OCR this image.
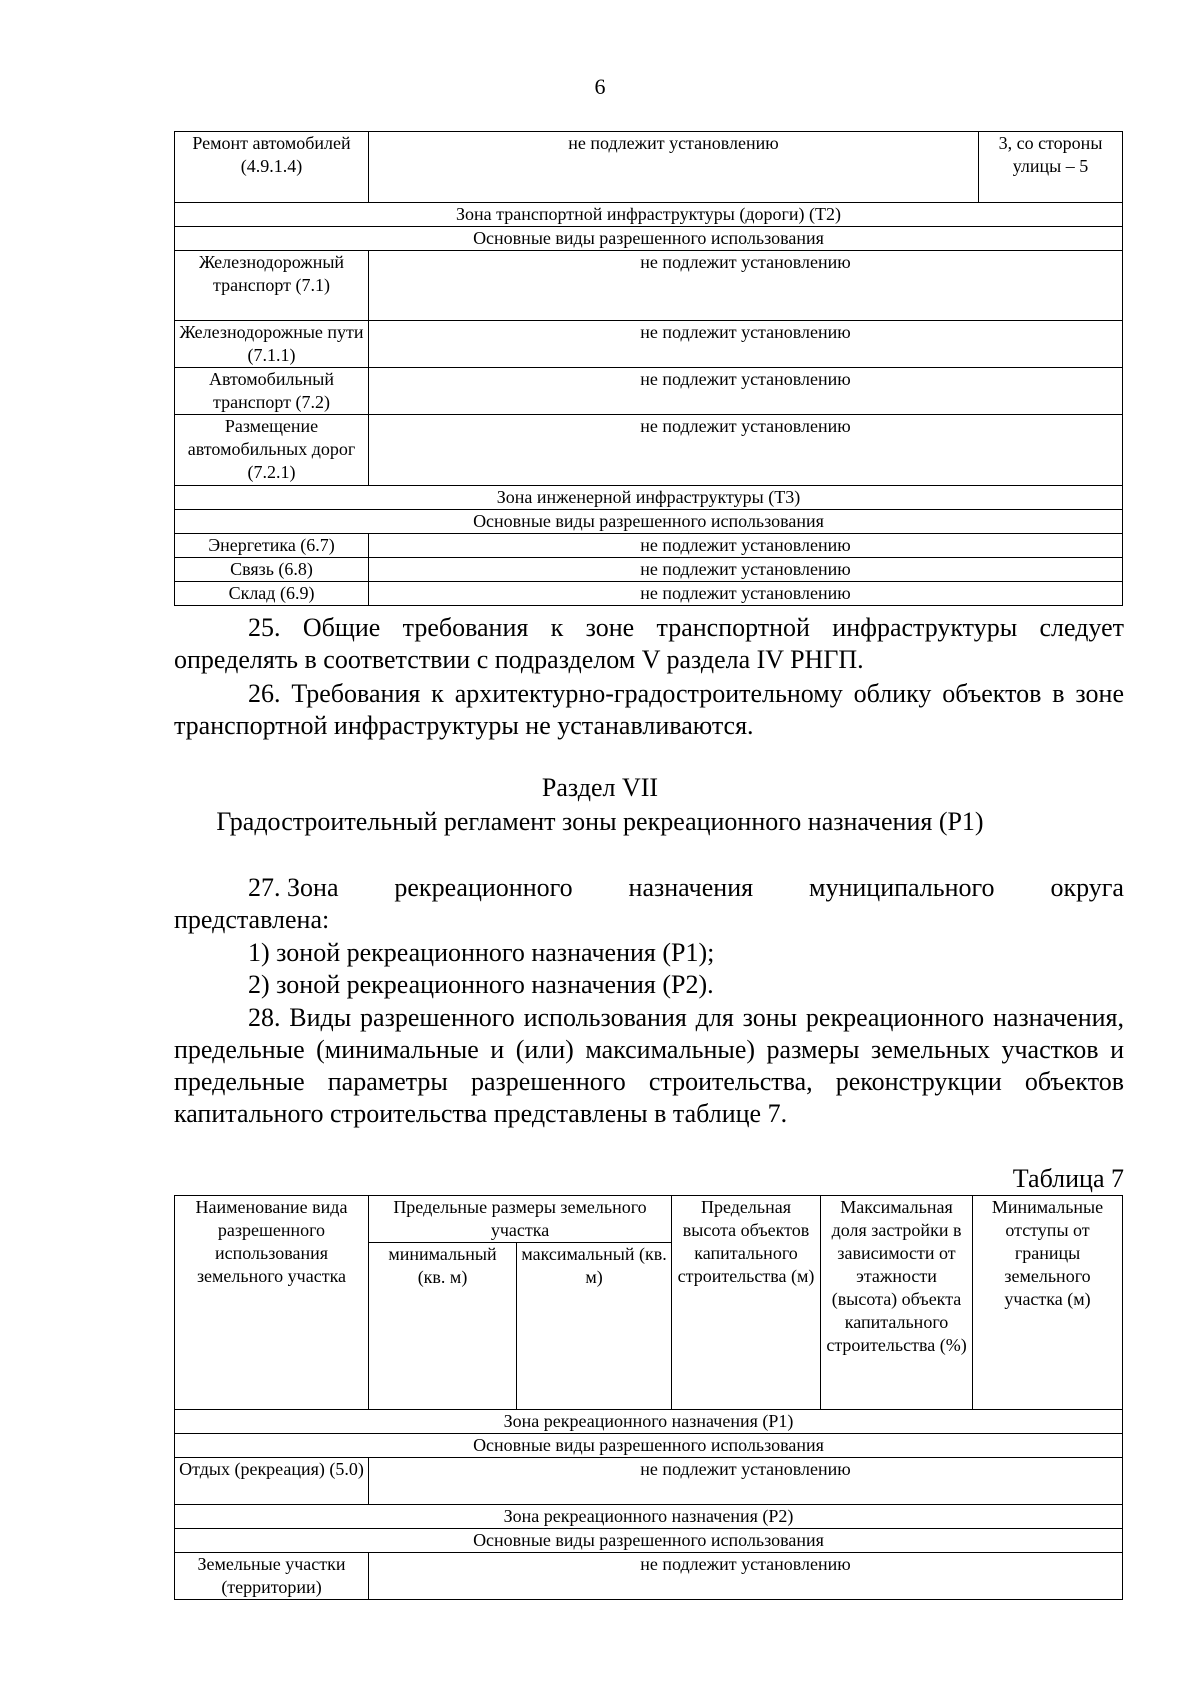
6
Ремонт автомобилей (4.9.1.4)	не подлежит установлению	3, со стороны улицы – 5
Зона транспортной инфраструктуры (дороги) (Т2)		
Основные виды разрешенного использования		
Железнодорожный транспорт (7.1)	не подлежит установлению	
Железнодорожные пути (7.1.1)	не подлежит установлению	
Автомобильный транспорт (7.2)	не подлежит установлению	
Размещение автомобильных дорог (7.2.1)	не подлежит установлению	
Зона инженерной инфраструктуры (Т3)		
Основные виды разрешенного использования		
Энергетика (6.7)	не подлежит установлению	
Связь (6.8)	не подлежит установлению	
Склад (6.9)	не подлежит установлению	

25. Общие требования к зоне транспортной инфраструктуры следует определять в соответствии с подразделом V раздела IV РНГП.

26. Требования к архитектурно-градостроительному облику объектов в зоне транспортной инфраструктуры не устанавливаются.

Раздел VII

Градостроительный регламент зоны рекреационного назначения (Р1)

27. Зона рекреационного назначения муниципального округа

представлена:

1) зоной рекреационного назначения (Р1);

2) зоной рекреационного назначения (Р2).

28. Виды разрешенного использования для зоны рекреационного назначения, предельные (минимальные и (или) максимальные) размеры земельных участков и предельные параметры разрешенного строительства, реконструкции объектов капитального строительства представлены в таблице 7.

Таблица 7

Наименование вида разрешенного использования земельного участка	Предельные размеры земельного участка		Предельная высота объектов капитального строительства (м)	Максимальная доля застройки в зависимости от этажности (высота) объекта капитального строительства (%)	Минимальные отступы от границы земельного участка (м)
	минимальный (кв. м)	максимальный (кв. м)			
Зона рекреационного назначения (Р1)					
Основные виды разрешенного использования					
Отдых (рекреация) (5.0)	не подлежит установлению				
Зона рекреационного назначения (Р2)					
Основные виды разрешенного использования					
Земельные участки (территории)	не подлежит установлению				
